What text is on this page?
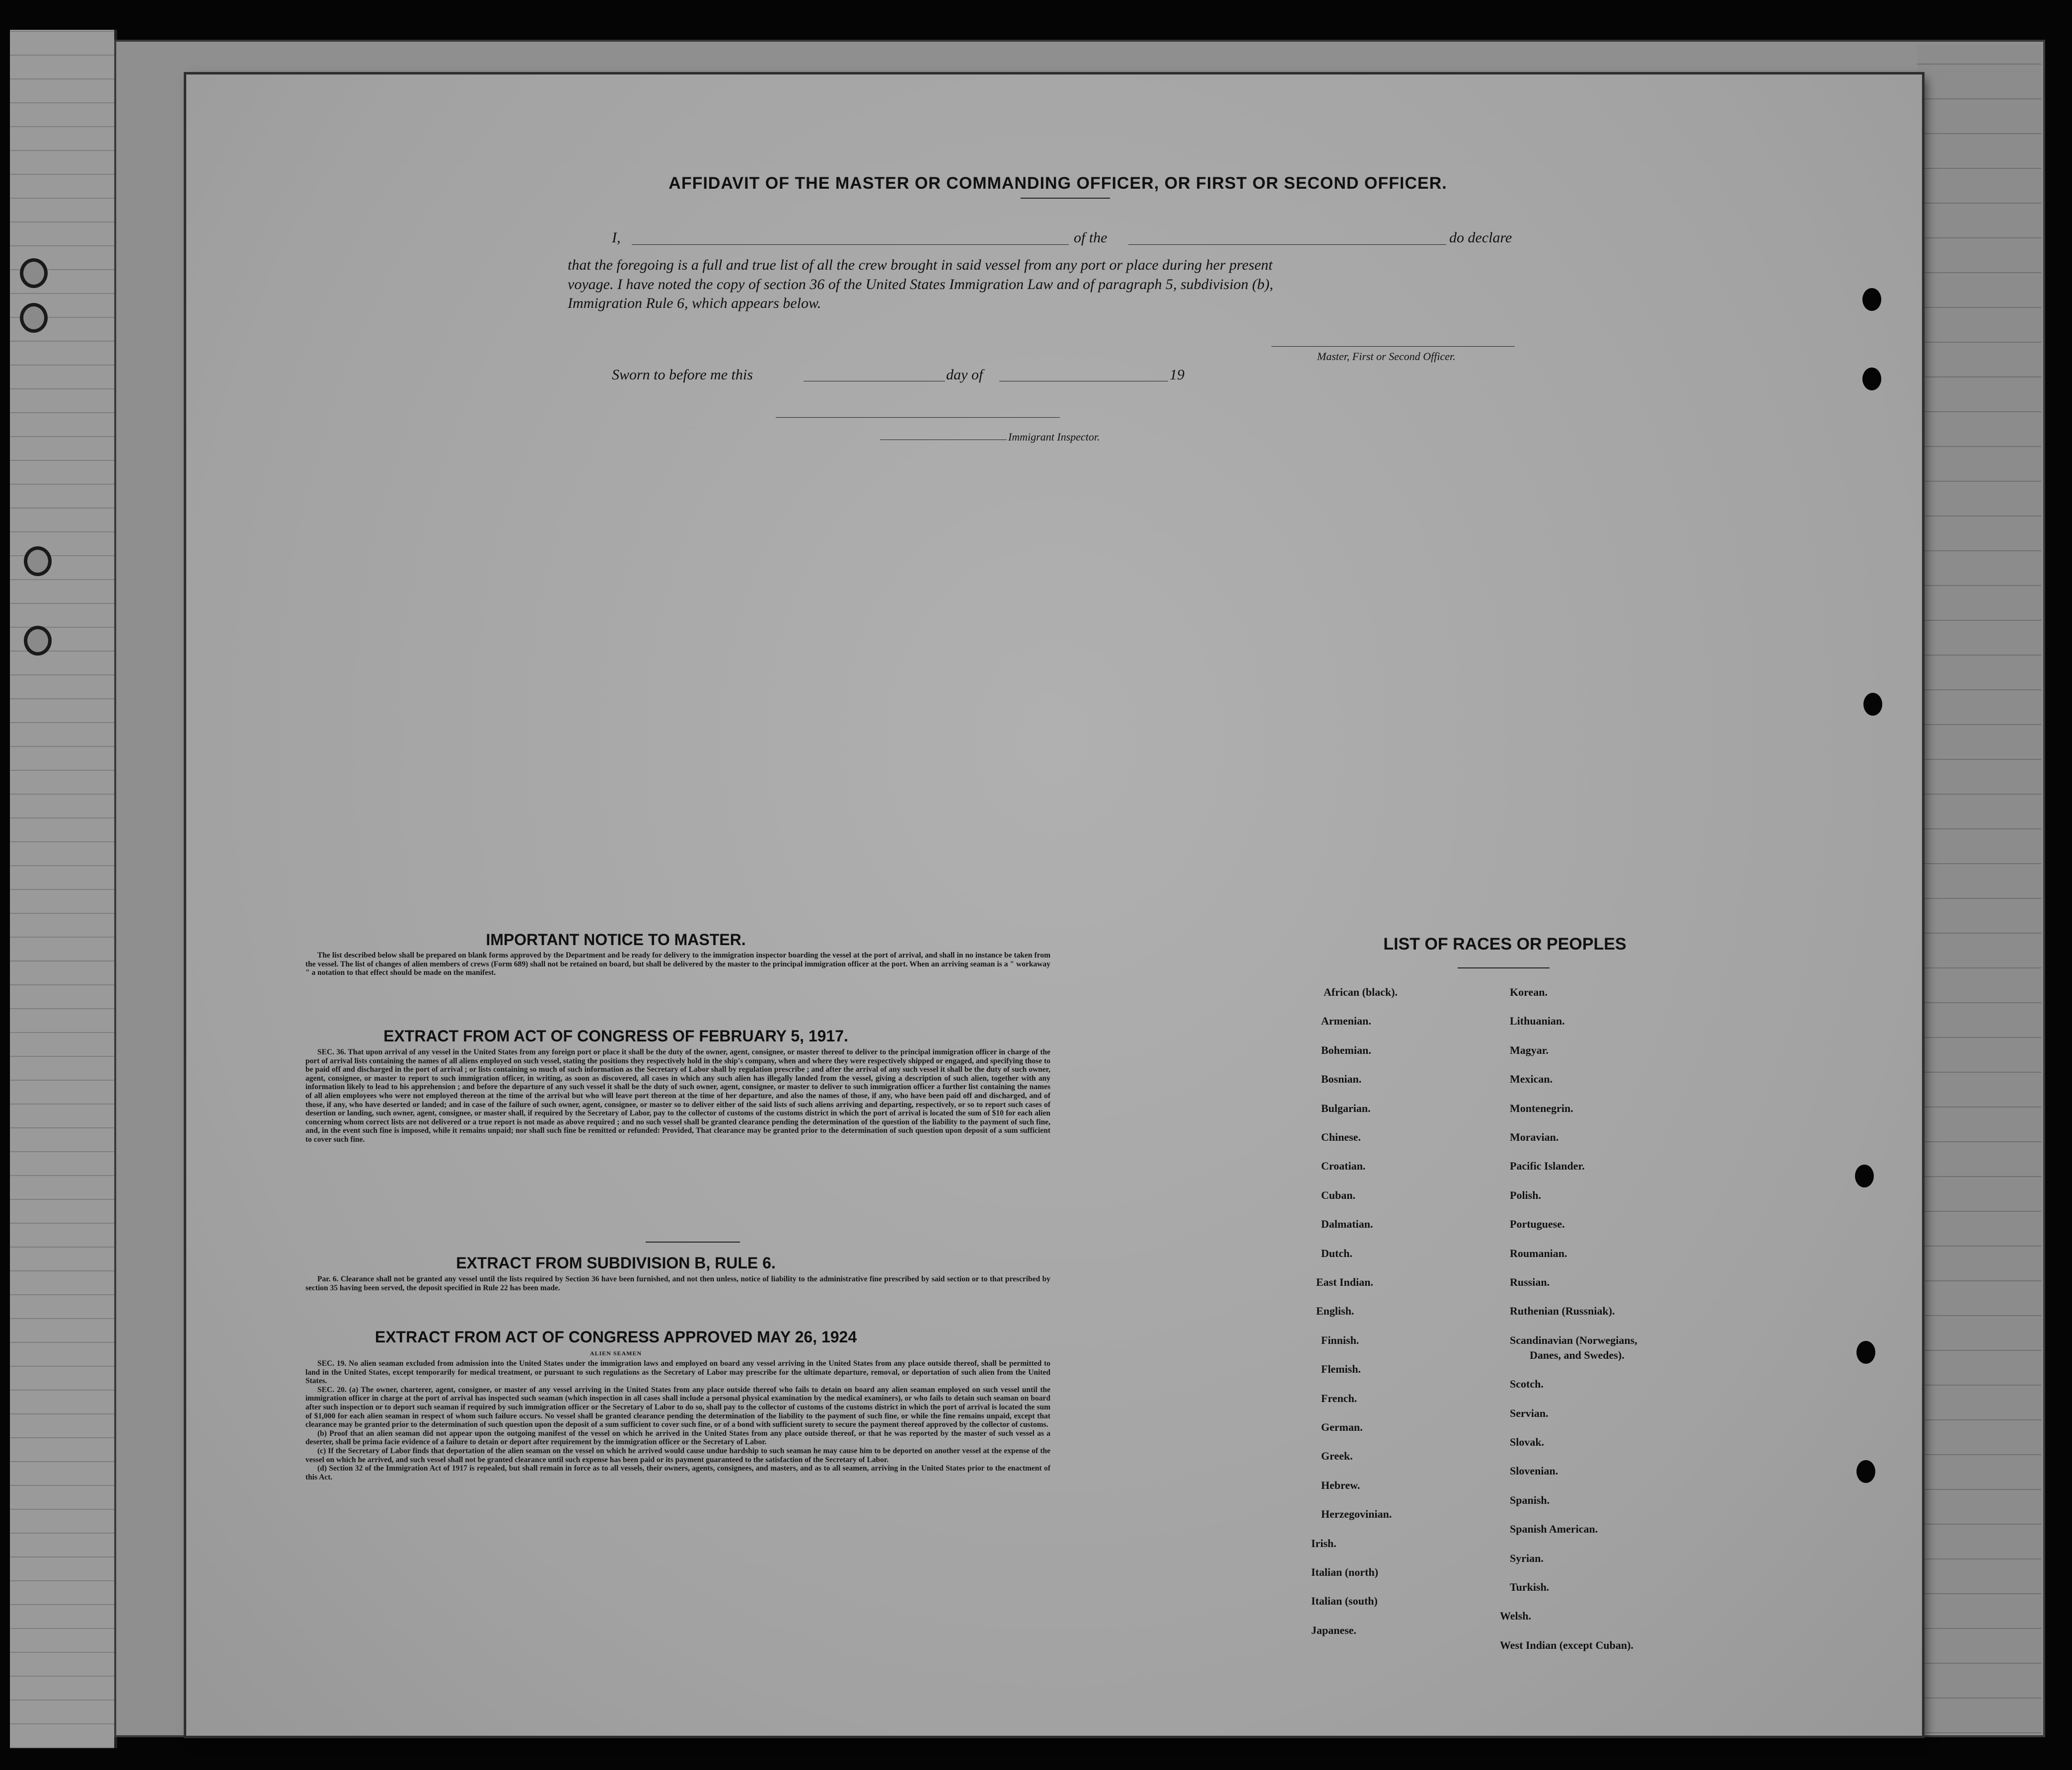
AFFIDAVIT OF THE MASTER OR COMMANDING OFFICER, OR FIRST OR SECOND OFFICER.
I,	of the	do declare
that the foregoing is a full and true list of all the crew brought in said vessel from any port or place during her present
voyage. I have noted the copy of section 36 of the United States Immigration Law and of paragraph 5, subdivision (b),
Immigration Rule 6, which appears below.
Master, First or Second Officer.
Sworn to before me this	day of	19
Immigrant Inspector.
IMPORTANT NOTICE TO MASTER.
The list described below shall be prepared on blank forms approved by the Department and be ready for delivery to the immigration inspector boarding the vessel at the port of arrival, and shall in no instance be taken from the vessel. The list of changes of alien members of crews (Form 689) shall not be retained on board, but shall be delivered by the master to the principal immigration officer at the port. When an arriving seaman is a " workaway " a notation to that effect should be made on the manifest.
EXTRACT FROM ACT OF CONGRESS OF FEBRUARY 5, 1917.
SEC. 36. That upon arrival of any vessel in the United States from any foreign port or place it shall be the duty of the owner, agent, consignee, or master thereof to deliver to the principal immigration officer in charge of the port of arrival lists containing the names of all aliens employed on such vessel, stating the positions they respectively hold in the ship's company, when and where they were respectively shipped or engaged, and specifying those to be paid off and discharged in the port of arrival ; or lists containing so much of such information as the Secretary of Labor shall by regulation prescribe ; and after the arrival of any such vessel it shall be the duty of such owner, agent, consignee, or master to report to such immigration officer, in writing, as soon as discovered, all cases in which any such alien has illegally landed from the vessel, giving a description of such alien, together with any information likely to lead to his apprehension ; and before the departure of any such vessel it shall be the duty of such owner, agent, consignee, or master to deliver to such immigration officer a further list containing the names of all alien employees who were not employed thereon at the time of the arrival but who will leave port thereon at the time of her departure, and also the names of those, if any, who have been paid off and discharged, and of those, if any, who have deserted or landed; and in case of the failure of such owner, agent, consignee, or master so to deliver either of the said lists of such aliens arriving and departing, respectively, or so to report such cases of desertion or landing, such owner, agent, consignee, or master shall, if required by the Secretary of Labor, pay to the collector of customs of the customs district in which the port of arrival is located the sum of $10 for each alien concerning whom correct lists are not delivered or a true report is not made as above required ; and no such vessel shall be granted clearance pending the determination of the question of the liability to the payment of such fine, and, in the event such fine is imposed, while it remains unpaid; nor shall such fine be remitted or refunded: Provided, That clearance may be granted prior to the determination of such question upon deposit of a sum sufficient to cover such fine.
EXTRACT FROM SUBDIVISION B, RULE 6.
Par. 6. Clearance shall not be granted any vessel until the lists required by Section 36 have been furnished, and not then unless, notice of liability to the administrative fine prescribed by said section or to that prescribed by section 35 having been served, the deposit specified in Rule 22 has been made.
EXTRACT FROM ACT OF CONGRESS APPROVED MAY 26, 1924
ALIEN SEAMEN
SEC. 19. No alien seaman excluded from admission into the United States under the immigration laws and employed on board any vessel arriving in the United States from any place outside thereof, shall be permitted to land in the United States, except temporarily for medical treatment, or pursuant to such regulations as the Secretary of Labor may prescribe for the ultimate departure, removal, or deportation of such alien from the United States.
SEC. 20. (a) The owner, charterer, agent, consignee, or master of any vessel arriving in the United States from any place outside thereof who fails to detain on board any alien seaman employed on such vessel until the immigration officer in charge at the port of arrival has inspected such seaman (which inspection in all cases shall include a personal physical examination by the medical examiners), or who fails to detain such seaman on board after such inspection or to deport such seaman if required by such immigration officer or the Secretary of Labor to do so, shall pay to the collector of customs of the customs district in which the port of arrival is located the sum of $1,000 for each alien seaman in respect of whom such failure occurs. No vessel shall be granted clearance pending the determination of the liability to the payment of such fine, or while the fine remains unpaid, except that clearance may be granted prior to the determination of such question upon the deposit of a sum sufficient to cover such fine, or of a bond with sufficient surety to secure the payment thereof approved by the collector of customs.
(b) Proof that an alien seaman did not appear upon the outgoing manifest of the vessel on which he arrived in the United States from any place outside thereof, or that he was reported by the master of such vessel as a deserter, shall be prima facie evidence of a failure to detain or deport after requirement by the immigration officer or the Secretary of Labor.
(c) If the Secretary of Labor finds that deportation of the alien seaman on the vessel on which he arrived would cause undue hardship to such seaman he may cause him to be deported on another vessel at the expense of the vessel on which he arrived, and such vessel shall not be granted clearance until such expense has been paid or its payment guaranteed to the satisfaction of the Secretary of Labor.
(d) Section 32 of the Immigration Act of 1917 is repealed, but shall remain in force as to all vessels, their owners, agents, consignees, and masters, and as to all seamen, arriving in the United States prior to the enactment of this Act.
LIST OF RACES OR PEOPLES
African (black).
Armenian.
Bohemian.
Bosnian.
Bulgarian.
Chinese.
Croatian.
Cuban.
Dalmatian.
Dutch.
East Indian.
English.
Finnish.
Flemish.
French.
German.
Greek.
Hebrew.
Herzegovinian.
Irish.
Italian (north)
Italian (south)
Japanese.
Korean.
Lithuanian.
Magyar.
Mexican.
Montenegrin.
Moravian.
Pacific Islander.
Polish.
Portuguese.
Roumanian.
Russian.
Ruthenian (Russniak).
Scandinavian (Norwegians,
Danes, and Swedes).
Scotch.
Servian.
Slovak.
Slovenian.
Spanish.
Spanish American.
Syrian.
Turkish.
Welsh.
West Indian (except Cuban).
